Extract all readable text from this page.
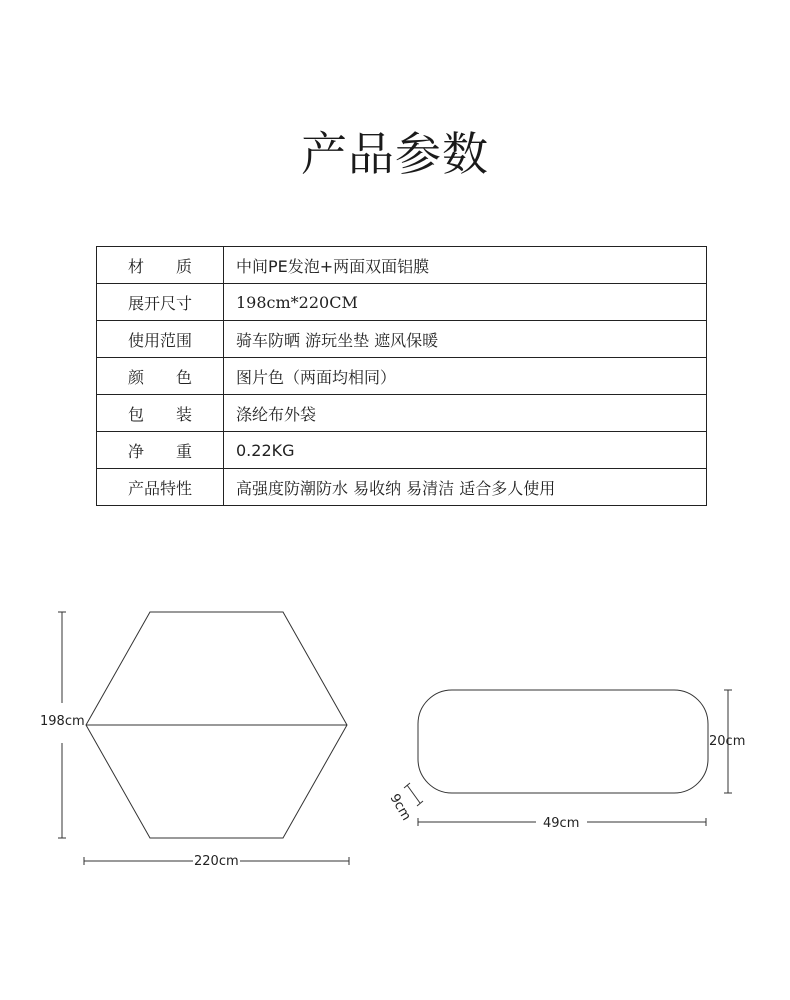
产品参数
材　　质	中间PE发泡+两面双面铝膜
展开尺寸	198cm*220CM
使用范围	骑车防晒 游玩坐垫 遮风保暖
颜　　色	图片色（两面均相同）
包　　装	涤纶布外袋
净　　重	0.22KG
产品特性	高强度防潮防水 易收纳 易清洁 适合多人使用
198cm
220cm
20cm
49cm
9cm
